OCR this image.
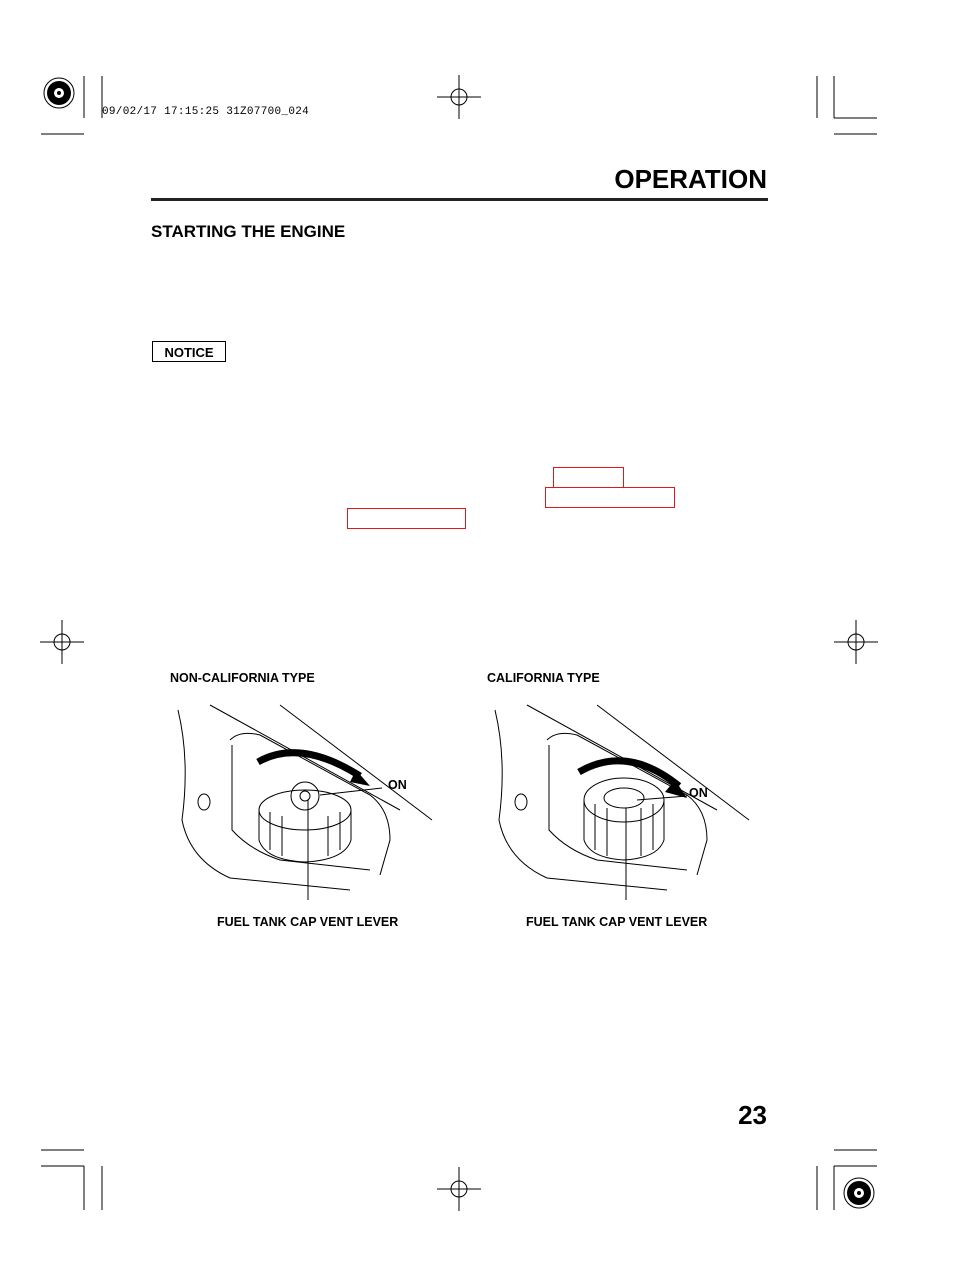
09/02/17 17:15:25 31Z07700_024
OPERATION
STARTING THE ENGINE
NOTICE
NON-CALIFORNIA TYPE	CALIFORNIA TYPE
ON
FUEL TANK CAP VENT LEVER
ON
FUEL TANK CAP VENT LEVER
23
